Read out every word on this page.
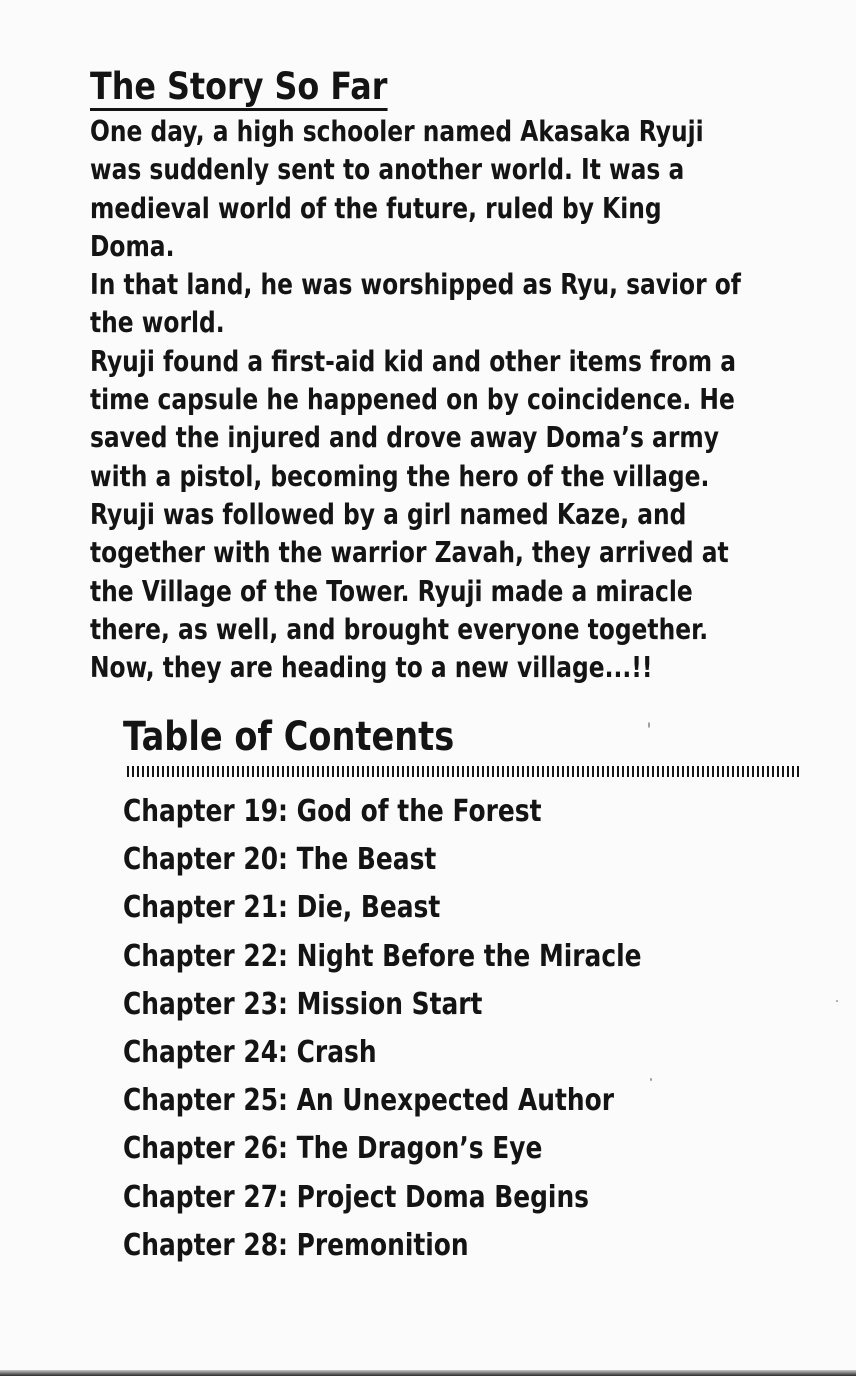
The Story So Far
One day, a high schooler named Akasaka Ryuji
was suddenly sent to another world. It was a
medieval world of the future, ruled by King
Doma.
In that land, he was worshipped as Ryu, savior of
the world.
Ryuji found a first-aid kid and other items from a
time capsule he happened on by coincidence. He
saved the injured and drove away Doma’s army
with a pistol, becoming the hero of the village.
Ryuji was followed by a girl named Kaze, and
together with the warrior Zavah, they arrived at
the Village of the Tower. Ryuji made a miracle
there, as well, and brought everyone together.
Now, they are heading to a new village...!!
Table of Contents
Chapter 19: God of the Forest
Chapter 20: The Beast
Chapter 21: Die, Beast
Chapter 22: Night Before the Miracle
Chapter 23: Mission Start
Chapter 24: Crash
Chapter 25: An Unexpected Author
Chapter 26: The Dragon’s Eye
Chapter 27: Project Doma Begins
Chapter 28: Premonition
